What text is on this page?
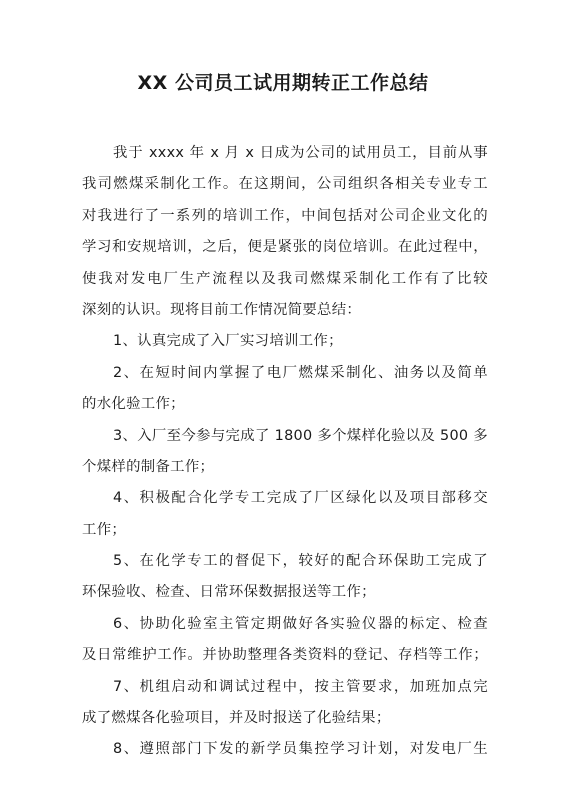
XX 公司员工试用期转正工作总结
我于 xxxx 年 x 月 x 日成为公司的试用员工，目前从事
我司燃煤采制化工作。在这期间，公司组织各相关专业专工
对我进行了一系列的培训工作，中间包括对公司企业文化的
学习和安规培训，之后，便是紧张的岗位培训。在此过程中，
使我对发电厂生产流程以及我司燃煤采制化工作有了比较
深刻的认识。现将目前工作情况简要总结：
1、认真完成了入厂实习培训工作；
2、在短时间内掌握了电厂燃煤采制化、油务以及简单
的水化验工作；
3、入厂至今参与完成了 1800 多个煤样化验以及 500 多
个煤样的制备工作；
4、积极配合化学专工完成了厂区绿化以及项目部移交
工作；
5、在化学专工的督促下，较好的配合环保助工完成了
环保验收、检查、日常环保数据报送等工作；
6、协助化验室主管定期做好各实验仪器的标定、检查
及日常维护工作。并协助整理各类资料的登记、存档等工作；
7、机组启动和调试过程中，按主管要求，加班加点完
成了燃煤各化验项目，并及时报送了化验结果；
8、遵照部门下发的新学员集控学习计划，对发电厂生
